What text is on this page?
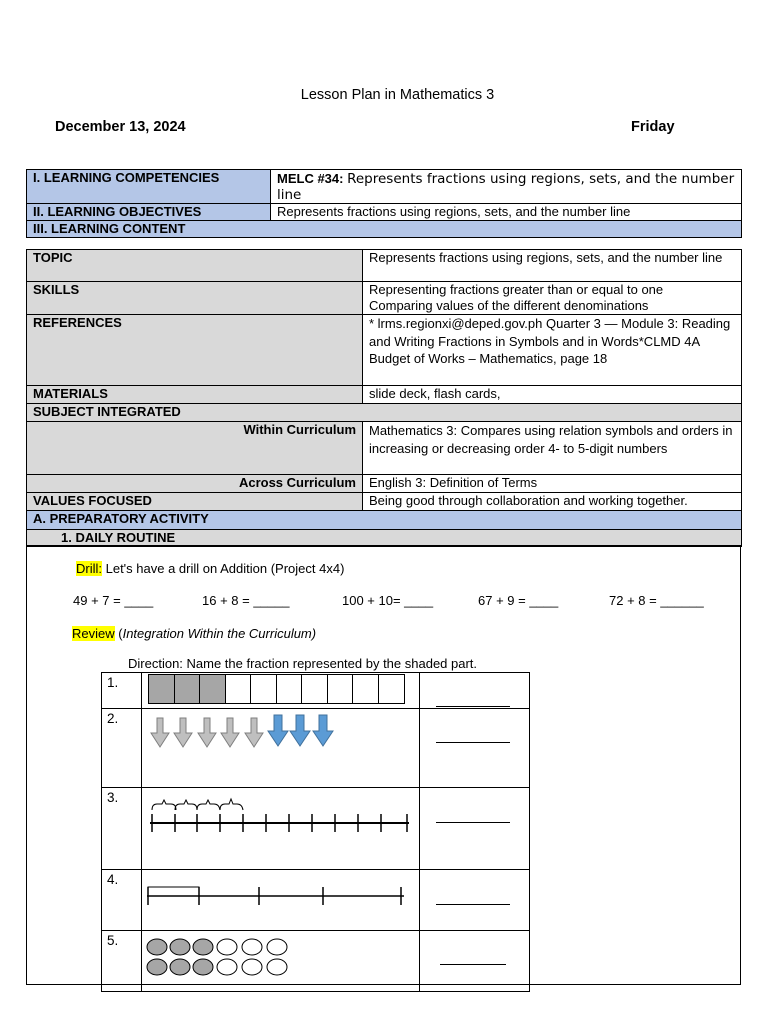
Lesson Plan in Mathematics 3
December 13, 2024	Friday
I. LEARNING COMPETENCIES	MELC #34: Represents fractions using regions, sets, and the number line
II. LEARNING OBJECTIVES	Represents fractions using regions, sets, and the number line
III. LEARNING CONTENT	
TOPIC	Represents fractions using regions, sets, and the number line
SKILLS	Representing fractions greater than or equal to one
Comparing values of the different denominations

REFERENCES	* lrms.regionxi@deped.gov.ph Quarter 3 — Module 3: Reading and Writing Fractions in Symbols and in Words*CLMD 4A Budget of Works – Mathematics, page 18
MATERIALS	slide deck, flash cards,
SUBJECT INTEGRATED	
Within Curriculum	Mathematics 3: Compares using relation symbols and orders in increasing or decreasing order 4- to 5-digit numbers
Across Curriculum	English 3: Definition of Terms
VALUES FOCUSED	Being good through collaboration and working together.
A. PREPARATORY ACTIVITY	
1. DAILY ROUTINE	
Drill: Let's have a drill on Addition (Project 4x4)
49 + 7 = ____	16 + 8 = _____	100 + 10= ____	67 + 9 = ____	72 + 8 = ______
Review (Integration Within the Curriculum)
Direction: Name the fraction represented by the shaded part.
1.	

2.		

3.		

4.		

5.		
